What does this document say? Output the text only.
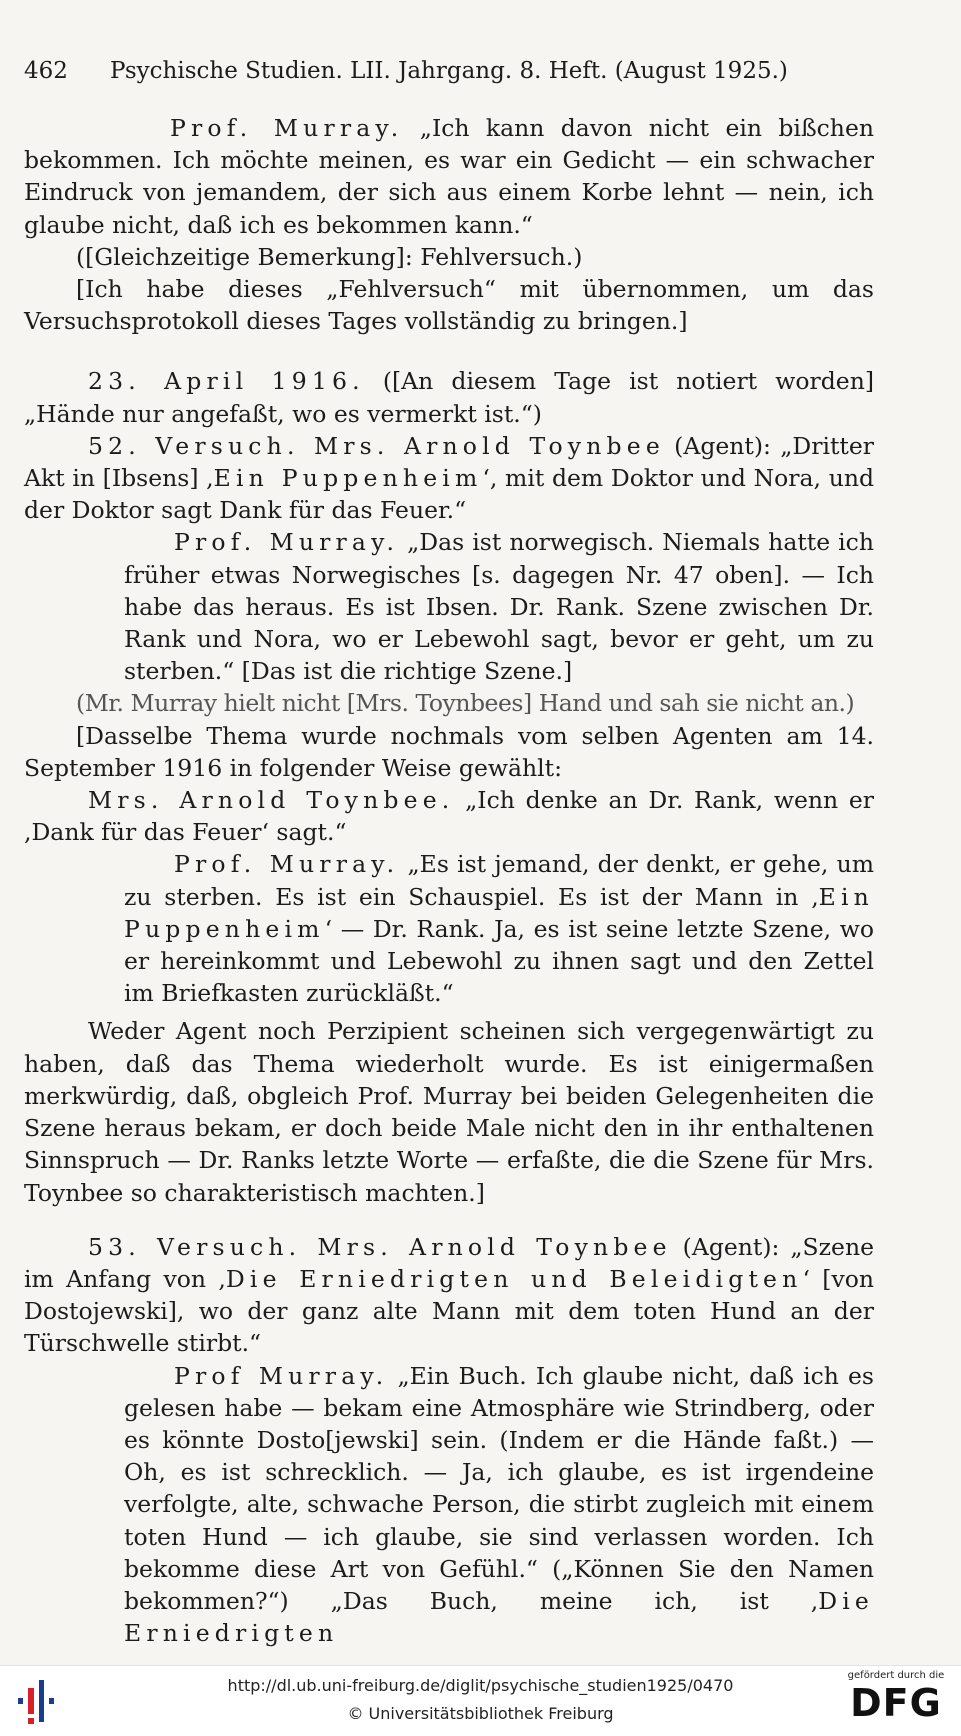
462 Psychische Studien. LII. Jahrgang. 8. Heft. (August 1925.)

Prof. Murray. „Ich kann davon nicht ein bißchen bekommen. Ich möchte meinen, es war ein Gedicht — ein schwacher Eindruck von jemandem, der sich aus einem Korbe lehnt — nein, ich glaube nicht, daß ich es bekommen kann.“

([Gleichzeitige Bemerkung]: Fehlversuch.)

[Ich habe dieses „Fehlversuch“ mit übernommen, um das Versuchsprotokoll dieses Tages vollständig zu bringen.]

23. April 1916. ([An diesem Tage ist notiert worden] „Hände nur angefaßt, wo es vermerkt ist.“)

52. Versuch. Mrs. Arnold Toynbee (Agent): „Dritter Akt in [Ibsens] ,Ein Puppenheim‘, mit dem Doktor und Nora, und der Doktor sagt Dank für das Feuer.“

Prof. Murray. „Das ist norwegisch. Niemals hatte ich früher etwas Norwegisches [s. dagegen Nr. 47 oben]. — Ich habe das heraus. Es ist Ibsen. Dr. Rank. Szene zwischen Dr. Rank und Nora, wo er Lebewohl sagt, bevor er geht, um zu sterben.“ [Das ist die richtige Szene.]

(Mr. Murray hielt nicht [Mrs. Toynbees] Hand und sah sie nicht an.)

[Dasselbe Thema wurde nochmals vom selben Agenten am 14. September 1916 in folgender Weise gewählt:

Mrs. Arnold Toynbee. „Ich denke an Dr. Rank, wenn er ,Dank für das Feuer‘ sagt.“

Prof. Murray. „Es ist jemand, der denkt, er gehe, um zu sterben. Es ist ein Schauspiel. Es ist der Mann in ,Ein Puppenheim‘ — Dr. Rank. Ja, es ist seine letzte Szene, wo er hereinkommt und Lebewohl zu ihnen sagt und den Zettel im Briefkasten zurückläßt.“

Weder Agent noch Perzipient scheinen sich vergegenwärtigt zu haben, daß das Thema wiederholt wurde. Es ist einigermaßen merkwürdig, daß, obgleich Prof. Murray bei beiden Gelegenheiten die Szene heraus bekam, er doch beide Male nicht den in ihr enthaltenen Sinnspruch — Dr. Ranks letzte Worte — erfaßte, die die Szene für Mrs. Toynbee so charakteristisch machten.]

53. Versuch. Mrs. Arnold Toynbee (Agent): „Szene im Anfang von ,Die Erniedrigten und Beleidigten‘ [von Dostojewski], wo der ganz alte Mann mit dem toten Hund an der Türschwelle stirbt.“

Prof Murray. „Ein Buch. Ich glaube nicht, daß ich es gelesen habe — bekam eine Atmosphäre wie Strindberg, oder es könnte Dosto[jewski] sein. (Indem er die Hände faßt.) — Oh, es ist schrecklich. — Ja, ich glaube, es ist irgendeine verfolgte, alte, schwache Person, die stirbt zugleich mit einem toten Hund — ich glaube, sie sind verlassen worden. Ich bekomme diese Art von Gefühl.“ („Können Sie den Namen bekommen?“) „Das Buch, meine ich, ist ,Die Erniedrigten

http://dl.ub.uni-freiburg.de/diglit/psychische_studien1925/0470
© Universitätsbibliothek Freiburg
gefördert durch die
DFG
